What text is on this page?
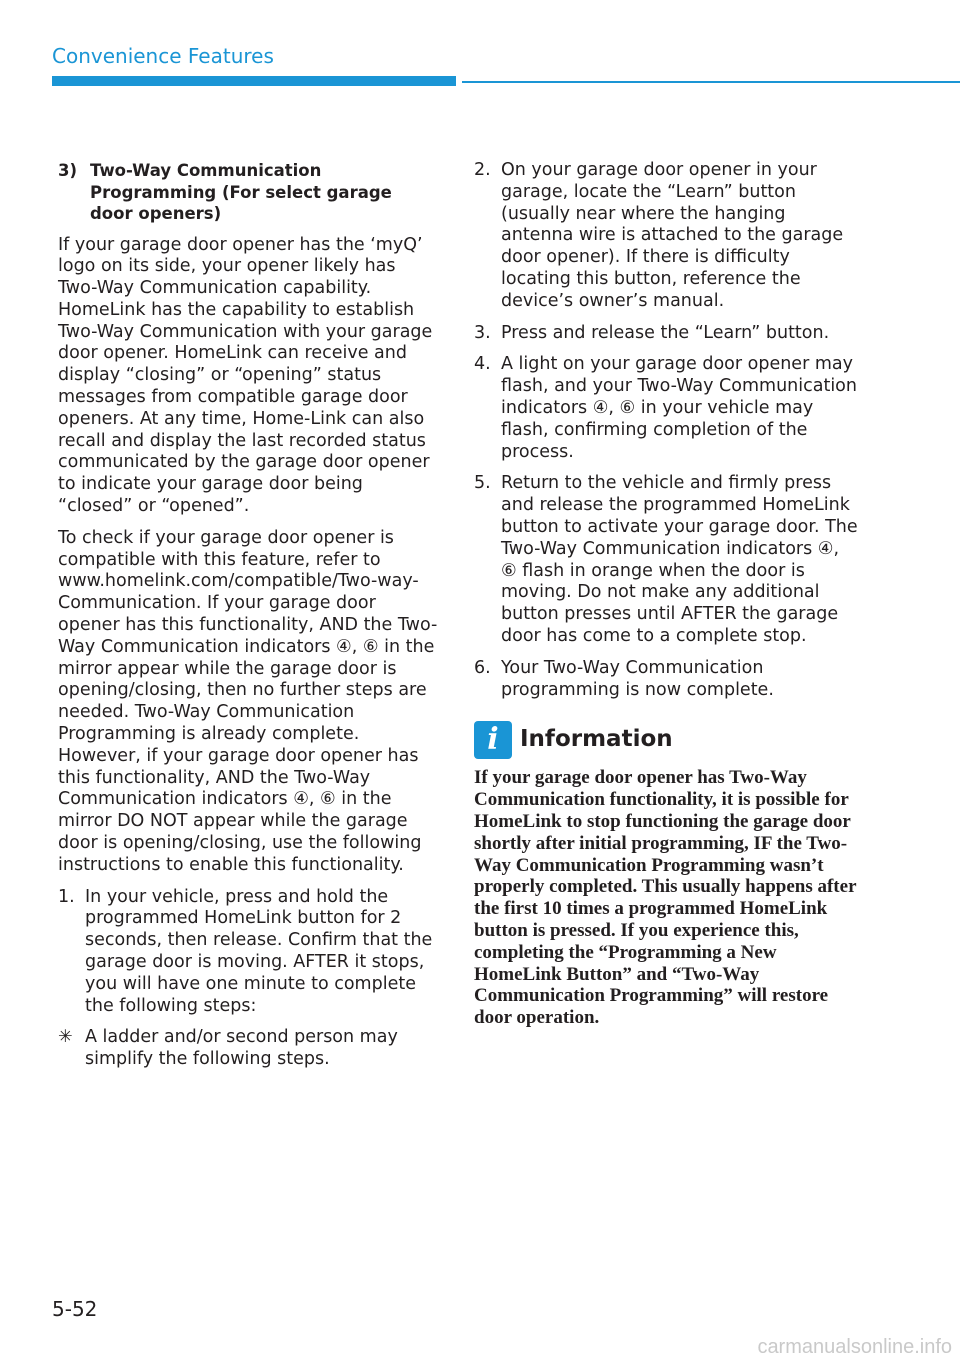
Convenience Features
3) Two-Way Communication Programming (For select garage door openers)

If your garage door opener has the ‘myQ’ logo on its side, your opener likely has Two-Way Communication capability. HomeLink has the capability to establish Two-Way Communication with your garage door opener. HomeLink can receive and display “closing” or “opening” status messages from compatible garage door openers. At any time, Home-Link can also recall and display the last recorded status communicated by the garage door opener to indicate your garage door being “closed” or “opened”.

To check if your garage door opener is compatible with this feature, refer to www.homelink.com/compatible/Two-way-Communication. If your garage door opener has this functionality, AND the Two-Way Communication indicators ④, ⑥ in the mirror appear while the garage door is opening/closing, then no further steps are needed. Two-Way Communication Programming is already complete. However, if your garage door opener has this functionality, AND the Two-Way Communication indicators ④, ⑥ in the mirror DO NOT appear while the garage door is opening/closing, use the following instructions to enable this functionality.

1. In your vehicle, press and hold the programmed HomeLink button for 2 seconds, then release. Confirm that the garage door is moving. AFTER it stops, you will have one minute to complete the following steps:
✳ A ladder and/or second person may simplify the following steps.
2. On your garage door opener in your garage, locate the “Learn” button (usually near where the hanging antenna wire is attached to the garage door opener). If there is difficulty locating this button, reference the device’s owner’s manual.
3. Press and release the “Learn” button.
4. A light on your garage door opener may flash, and your Two-Way Communication indicators ④, ⑥ in your vehicle may flash, confirming completion of the process.
5. Return to the vehicle and firmly press and release the programmed HomeLink button to activate your garage door. The Two-Way Communication indicators ④, ⑥ flash in orange when the door is moving. Do not make any additional button presses until AFTER the garage door has come to a complete stop.
6. Your Two-Way Communication programming is now complete.
i Information

If your garage door opener has Two-Way Communication functionality, it is possible for HomeLink to stop functioning the garage door shortly after initial programming, IF the Two-Way Communication Programming wasn’t properly completed. This usually happens after the first 10 times a programmed HomeLink button is pressed. If you experience this, completing the “Programming a New HomeLink Button” and “Two-Way Communication Programming” will restore door operation.

5-52
carmanualsonline.info
